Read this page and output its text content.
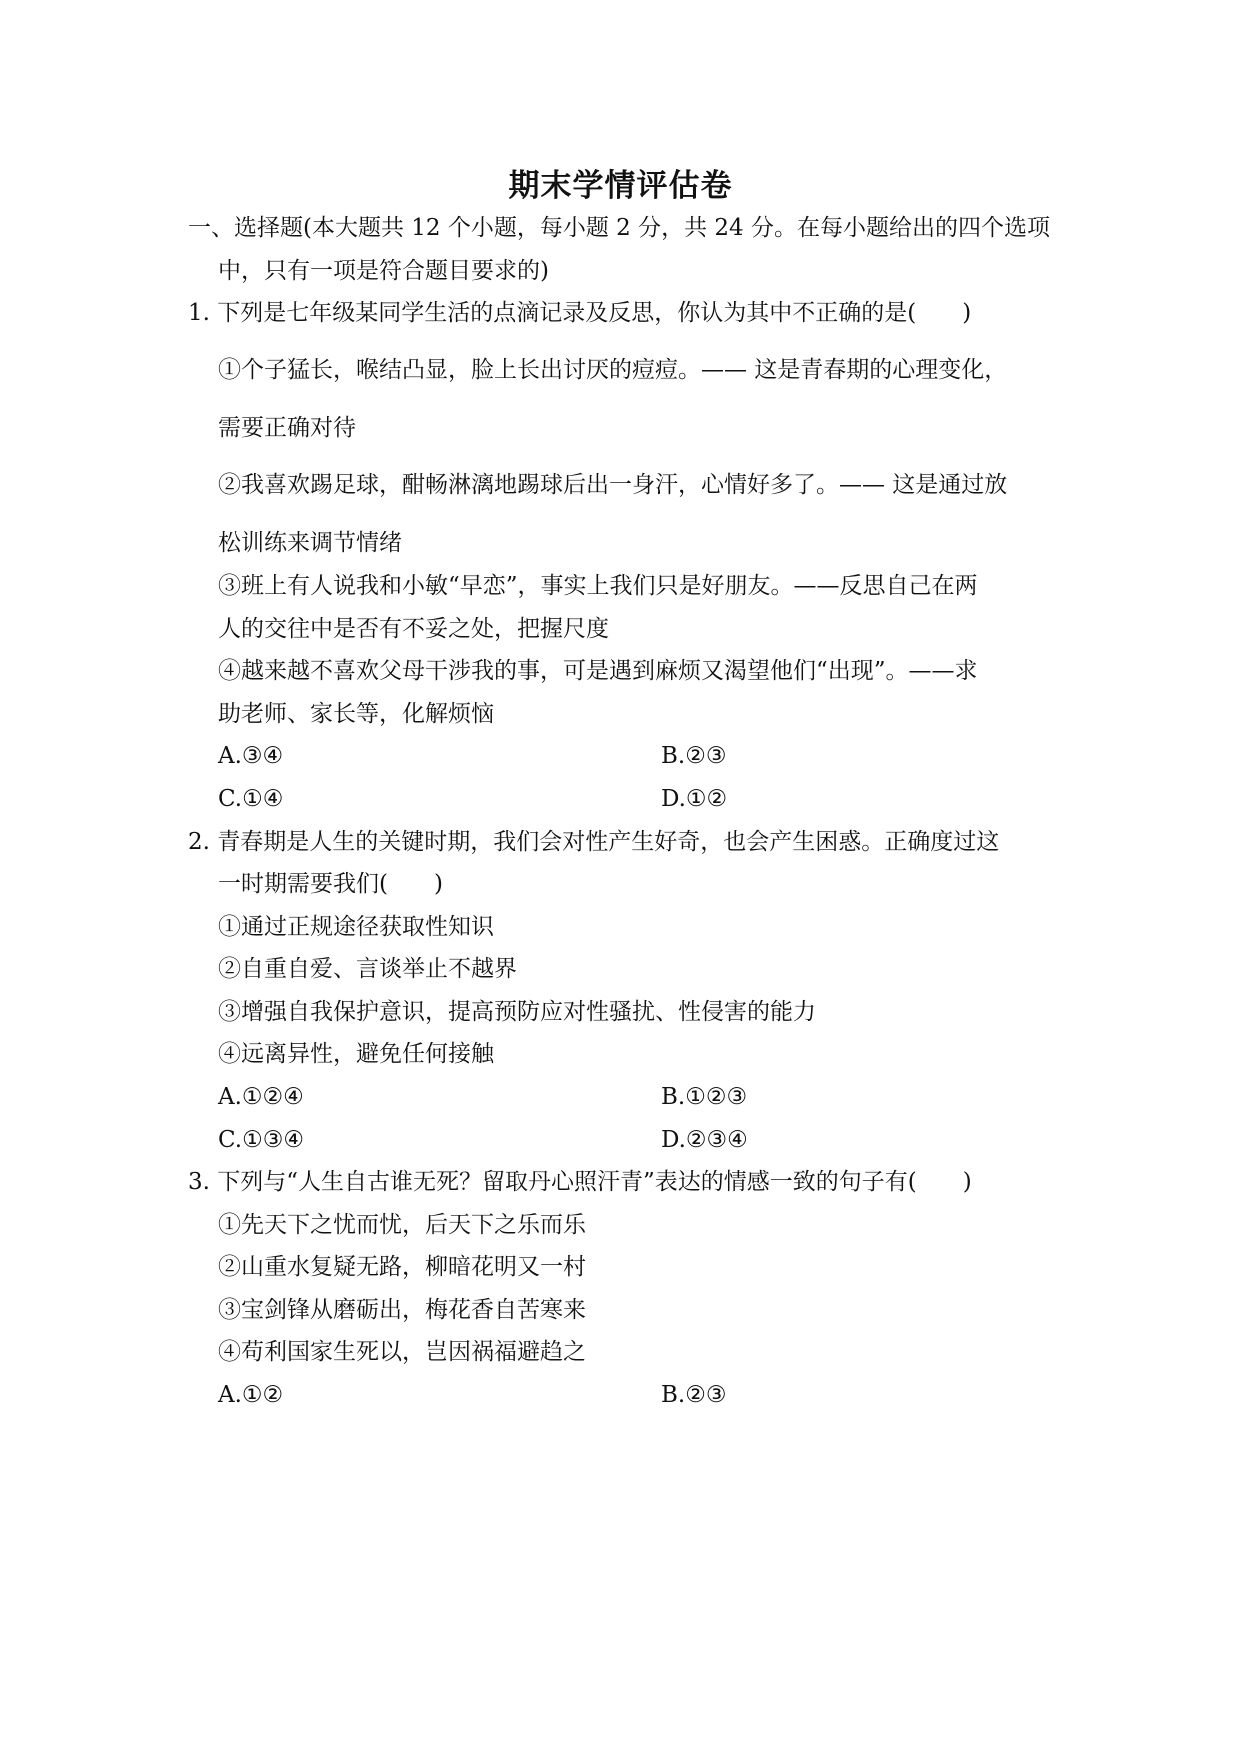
期末学情评估卷
一、选择题(本大题共 12 个小题，每小题 2 分，共 24 分。在每小题给出的四个选项
中，只有一项是符合题目要求的)
1. 下列是七年级某同学生活的点滴记录及反思，你认为其中不正确的是(　　)
①个子猛长，喉结凸显，脸上长出讨厌的痘痘。—— 这是青春期的心理变化，
需要正确对待
②我喜欢踢足球，酣畅淋漓地踢球后出一身汗，心情好多了。—— 这是通过放
松训练来调节情绪
③班上有人说我和小敏“早恋”，事实上我们只是好朋友。——反思自己在两
人的交往中是否有不妥之处，把握尺度
④越来越不喜欢父母干涉我的事，可是遇到麻烦又渴望他们“出现”。——求
助老师、家长等，化解烦恼
A.③④	B.②③
C.①④	D.①②
2. 青春期是人生的关键时期，我们会对性产生好奇，也会产生困惑。正确度过这
一时期需要我们(　　)
①通过正规途径获取性知识
②自重自爱、言谈举止不越界
③增强自我保护意识，提高预防应对性骚扰、性侵害的能力
④远离异性，避免任何接触
A.①②④	B.①②③
C.①③④	D.②③④
3. 下列与“人生自古谁无死？留取丹心照汗青”表达的情感一致的句子有(　　)
①先天下之忧而忧，后天下之乐而乐
②山重水复疑无路，柳暗花明又一村
③宝剑锋从磨砺出，梅花香自苦寒来
④苟利国家生死以，岂因祸福避趋之
A.①②	B.②③
